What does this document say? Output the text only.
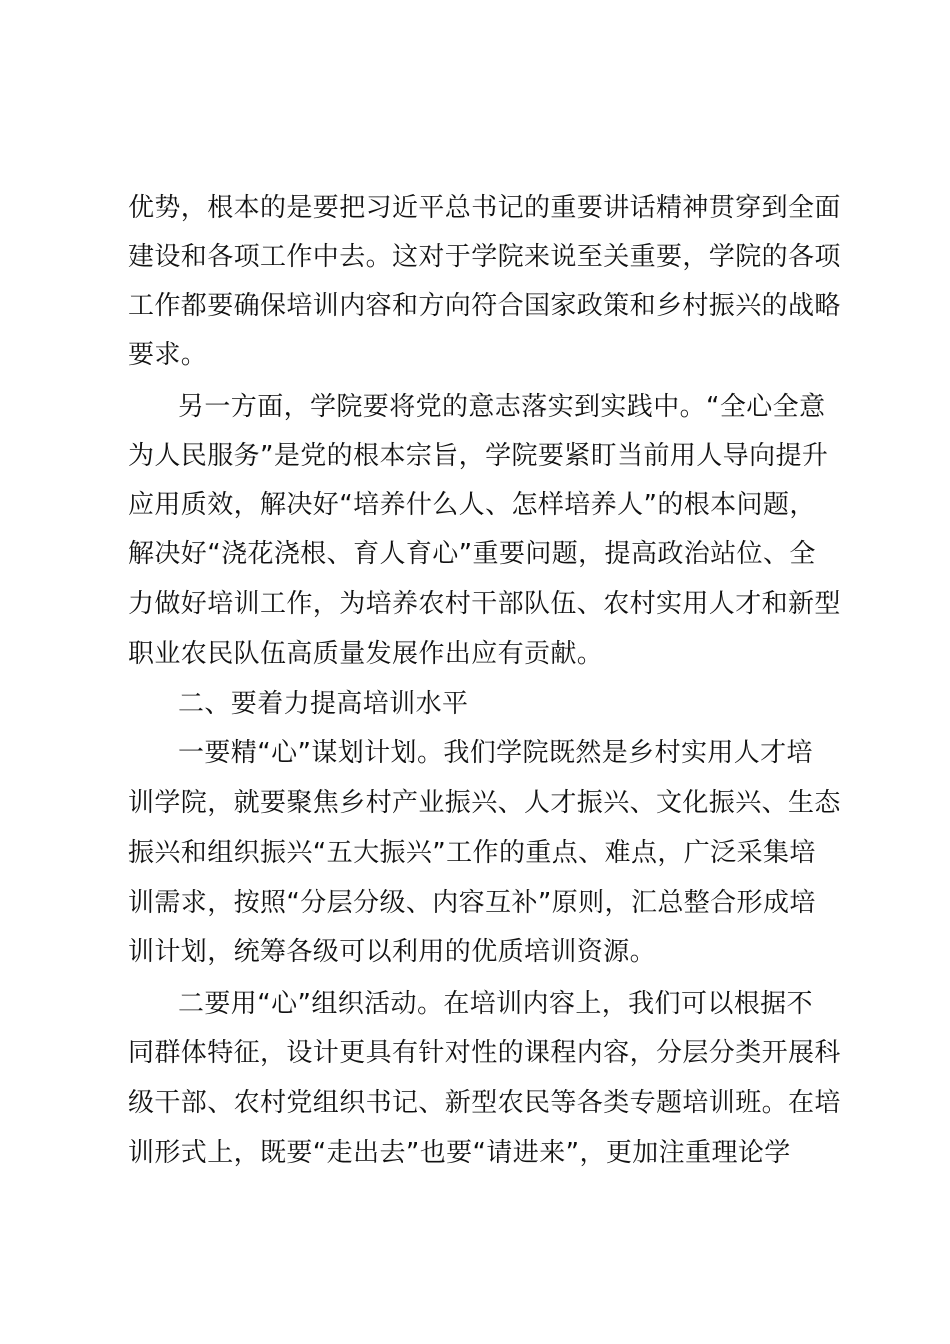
优势，根本的是要把习近平总书记的重要讲话精神贯穿到全面
建设和各项工作中去。这对于学院来说至关重要，学院的各项
工作都要确保培训内容和方向符合国家政策和乡村振兴的战略
要求。
另一方面，学院要将党的意志落实到实践中。“全心全意
为人民服务”是党的根本宗旨，学院要紧盯当前用人导向提升
应用质效，解决好“培养什么人、怎样培养人”的根本问题，
解决好“浇花浇根、育人育心”重要问题，提高政治站位、全
力做好培训工作，为培养农村干部队伍、农村实用人才和新型
职业农民队伍高质量发展作出应有贡献。
二、要着力提高培训水平
一要精“心”谋划计划。我们学院既然是乡村实用人才培
训学院，就要聚焦乡村产业振兴、人才振兴、文化振兴、生态
振兴和组织振兴“五大振兴”工作的重点、难点，广泛采集培
训需求，按照“分层分级、内容互补”原则，汇总整合形成培
训计划，统筹各级可以利用的优质培训资源。
二要用“心”组织活动。在培训内容上，我们可以根据不
同群体特征，设计更具有针对性的课程内容，分层分类开展科
级干部、农村党组织书记、新型农民等各类专题培训班。在培
训形式上，既要“走出去”也要“请进来”，更加注重理论学
